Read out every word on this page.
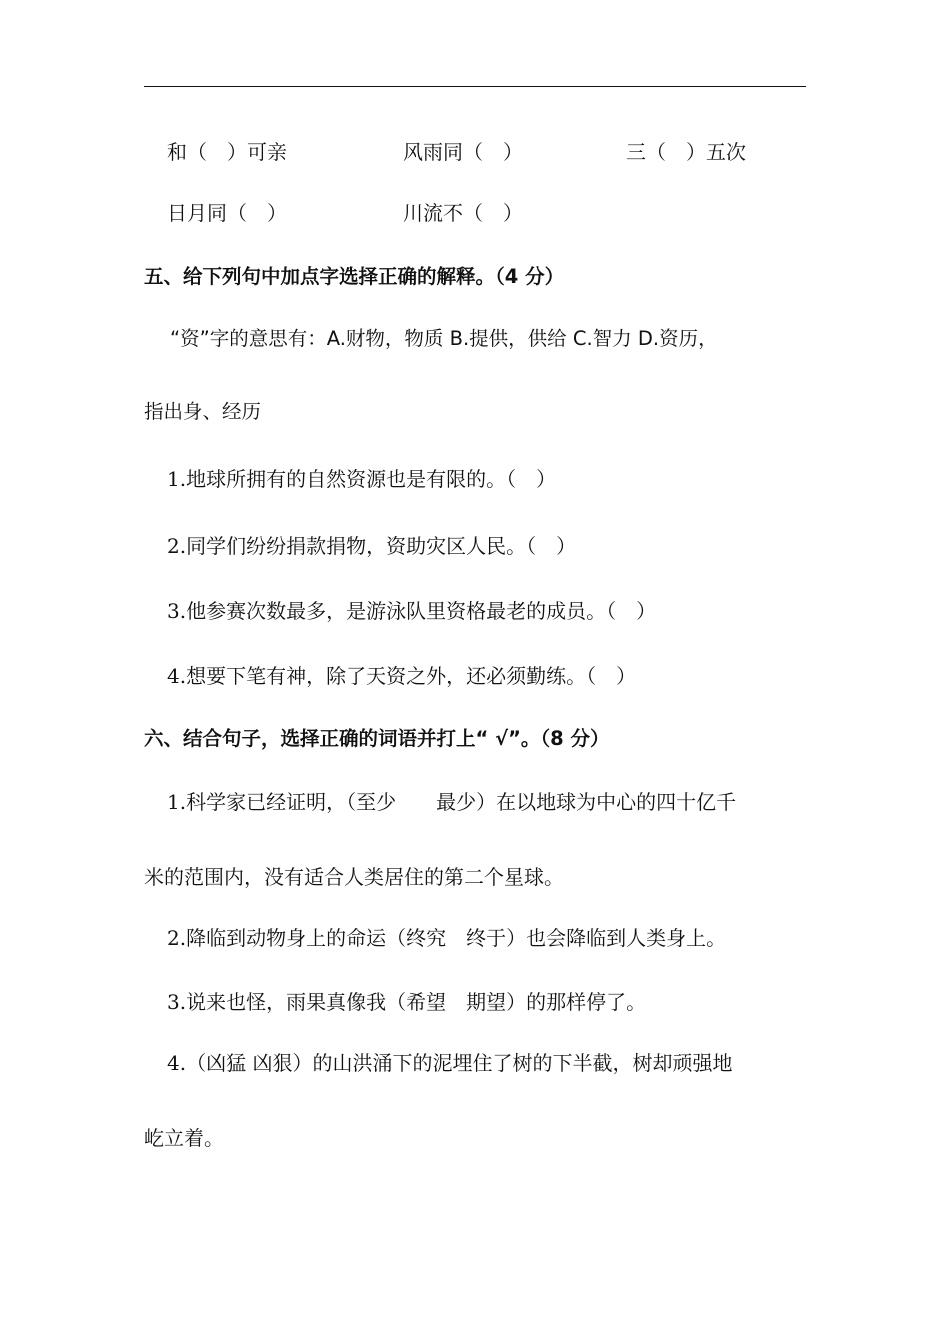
和（　）可亲	风雨同（　）	三（　）五次
日月同（　）	川流不（　）
五、给下列句中加点字选择正确的解释。（4 分）
“资”字的意思有：A.财物，物质 B.提供，供给 C.智力 D.资历，
指出身、经历
1.地球所拥有的自然资源也是有限的。（　）
2.同学们纷纷捐款捐物，资助灾区人民。（　）
3.他参赛次数最多，是游泳队里资格最老的成员。（　）
4.想要下笔有神，除了天资之外，还必须勤练。（　）
六、结合句子，选择正确的词语并打上“ √”。（8 分）
1.科学家已经证明，（至少　　最少）在以地球为中心的四十亿千
米的范围内，没有适合人类居住的第二个星球。
2.降临到动物身上的命运（终究　终于）也会降临到人类身上。
3.说来也怪，雨果真像我（希望　期望）的那样停了。
4.（凶猛 凶狠）的山洪涌下的泥埋住了树的下半截，树却顽强地
屹立着。
